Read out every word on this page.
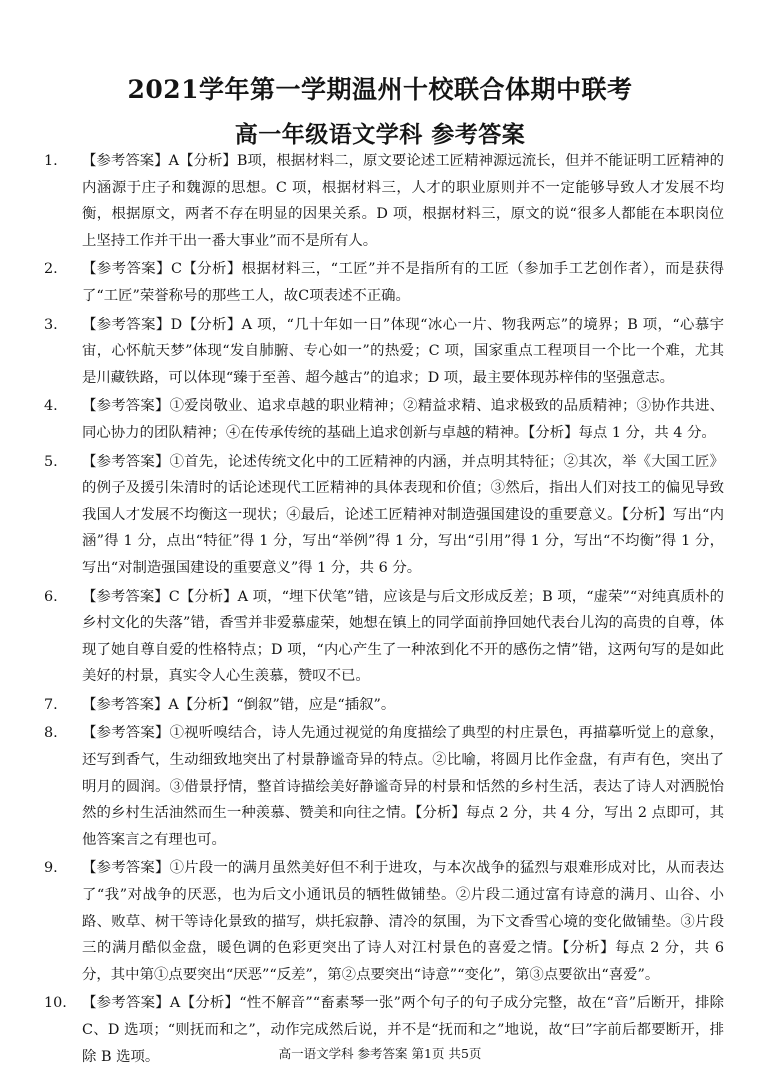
2021学年第一学期温州十校联合体期中联考
高一年级语文学科 参考答案
1.	【参考答案】A【分析】B项，根据材料二，原文要论述工匠精神源远流长，但并不能证明工匠精神的内涵源于庄子和魏源的思想。C 项，根据材料三，人才的职业原则并不一定能够导致人才发展不均衡，根据原文，两者不存在明显的因果关系。D 项，根据材料三，原文的说“很多人都能在本职岗位上坚持工作并干出一番大事业”而不是所有人。
2.	【参考答案】C【分析】根据材料三，“工匠”并不是指所有的工匠（参加手工艺创作者），而是获得了“工匠”荣誉称号的那些工人，故C项表述不正确。
3.	【参考答案】D【分析】A 项，“几十年如一日”体现“冰心一片、物我两忘”的境界；B 项，“心慕宇宙，心怀航天梦”体现“发自肺腑、专心如一”的热爱；C 项，国家重点工程项目一个比一个难，尤其是川藏铁路，可以体现“臻于至善、超今越古”的追求；D 项，最主要体现苏梓伟的坚强意志。
4.	【参考答案】①爱岗敬业、追求卓越的职业精神；②精益求精、追求极致的品质精神；③协作共进、同心协力的团队精神；④在传承传统的基础上追求创新与卓越的精神。【分析】每点 1 分，共 4 分。
5.	【参考答案】①首先，论述传统文化中的工匠精神的内涵，并点明其特征；②其次，举《大国工匠》的例子及援引朱清时的话论述现代工匠精神的具体表现和价值；③然后，指出人们对技工的偏见导致我国人才发展不均衡这一现状；④最后，论述工匠精神对制造强国建设的重要意义。【分析】写出“内涵”得 1 分，点出“特征”得 1 分，写出“举例”得 1 分，写出“引用”得 1 分，写出“不均衡”得 1 分，写出“对制造强国建设的重要意义”得 1 分，共 6 分。
6.	【参考答案】C【分析】A 项，“埋下伏笔”错，应该是与后文形成反差；B 项，“虚荣”“对纯真质朴的乡村文化的失落”错，香雪并非爱慕虚荣，她想在镇上的同学面前挣回她代表台儿沟的高贵的自尊，体现了她自尊自爱的性格特点；D 项，“内心产生了一种浓到化不开的感伤之情”错，这两句写的是如此美好的村景，真实令人心生羡慕，赞叹不已。
7.	【参考答案】A【分析】“倒叙”错，应是“插叙”。
8.	【参考答案】①视听嗅结合，诗人先通过视觉的角度描绘了典型的村庄景色，再描摹听觉上的意象，还写到香气，生动细致地突出了村景静谧奇异的特点。②比喻，将圆月比作金盘，有声有色，突出了明月的圆润。③借景抒情，整首诗描绘美好静谧奇异的村景和恬然的乡村生活，表达了诗人对洒脱怡然的乡村生活油然而生一种羡慕、赞美和向往之情。【分析】每点 2 分，共 4 分，写出 2 点即可，其他答案言之有理也可。
9.	【参考答案】①片段一的满月虽然美好但不利于进攻，与本次战争的猛烈与艰难形成对比，从而表达了“我”对战争的厌恶，也为后文小通讯员的牺牲做铺垫。②片段二通过富有诗意的满月、山谷、小路、败草、树干等诗化景致的描写，烘托寂静、清冷的氛围，为下文香雪心境的变化做铺垫。③片段三的满月酷似金盘，暖色调的色彩更突出了诗人对江村景色的喜爱之情。【分析】每点 2 分，共 6 分，其中第①点要突出“厌恶”“反差”，第②点要突出“诗意”“变化”，第③点要欲出“喜爱”。
10.	【参考答案】A【分析】“性不解音”“畜素琴一张”两个句子的句子成分完整，故在“音”后断开，排除 C、D 选项；“则抚而和之”，动作完成然后说，并不是“抚而和之”地说，故“曰”字前后都要断开，排除 B 选项。	高一语文学科 参考答案 第1页 共5页
